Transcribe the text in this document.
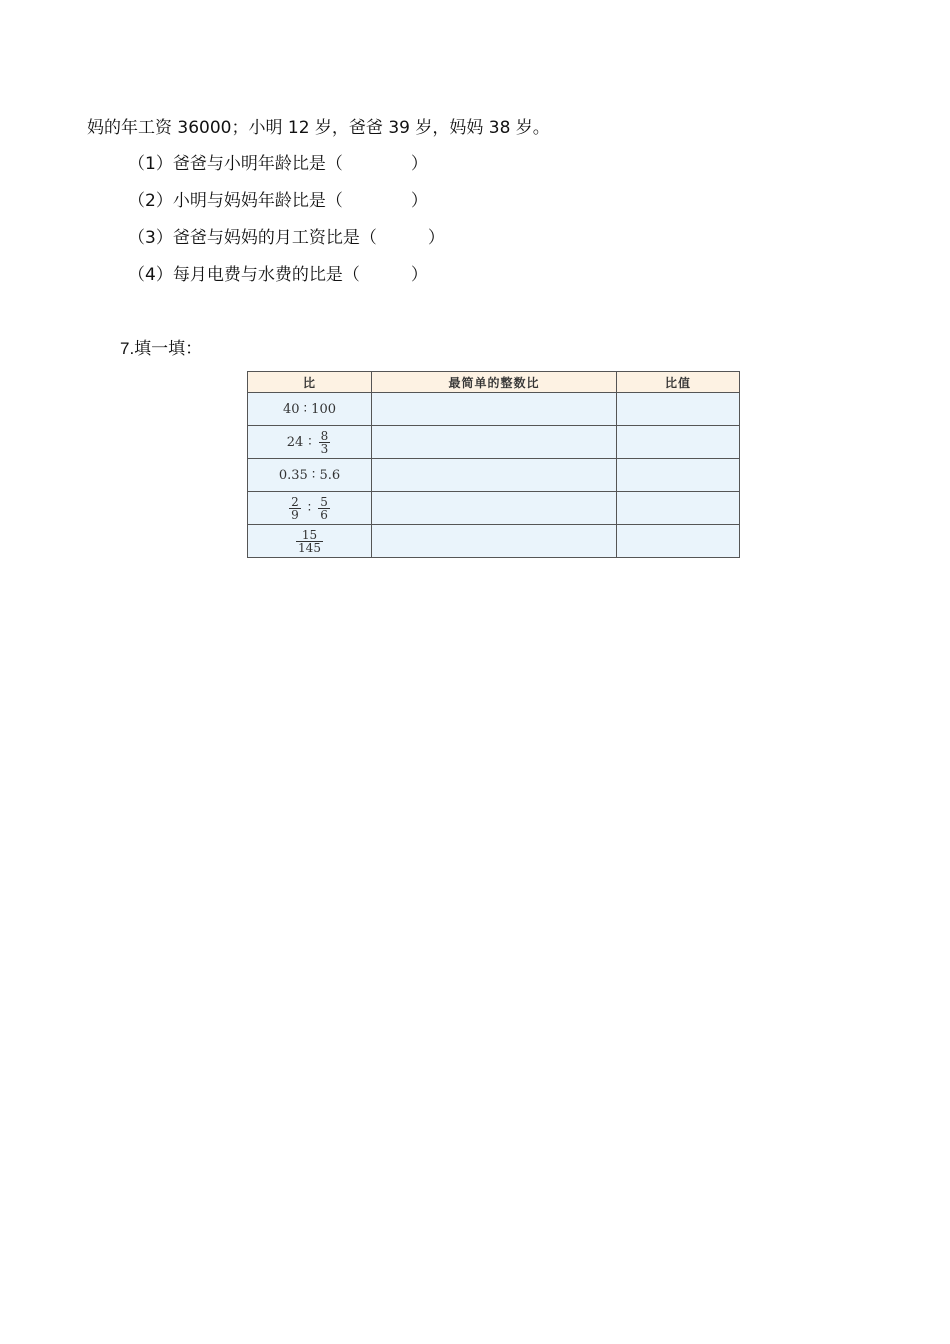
妈的年工资 36000；小明 12 岁，爸爸 39 岁，妈妈 38 岁。
（1）爸爸与小明年龄比是（　　　　）
（2）小明与妈妈年龄比是（　　　　）
（3）爸爸与妈妈的月工资比是（　　　）
（4）每月电费与水费的比是（　　　）
7.填一填：
比	最简单的整数比	比值
40 ∶ 100		
24 ∶ $\frac{8}{3}$

0.35 ∶ 5.6		

$\frac{2}{9}$ ∶ $\frac{5}{6}$

$\frac{15}{145}$
